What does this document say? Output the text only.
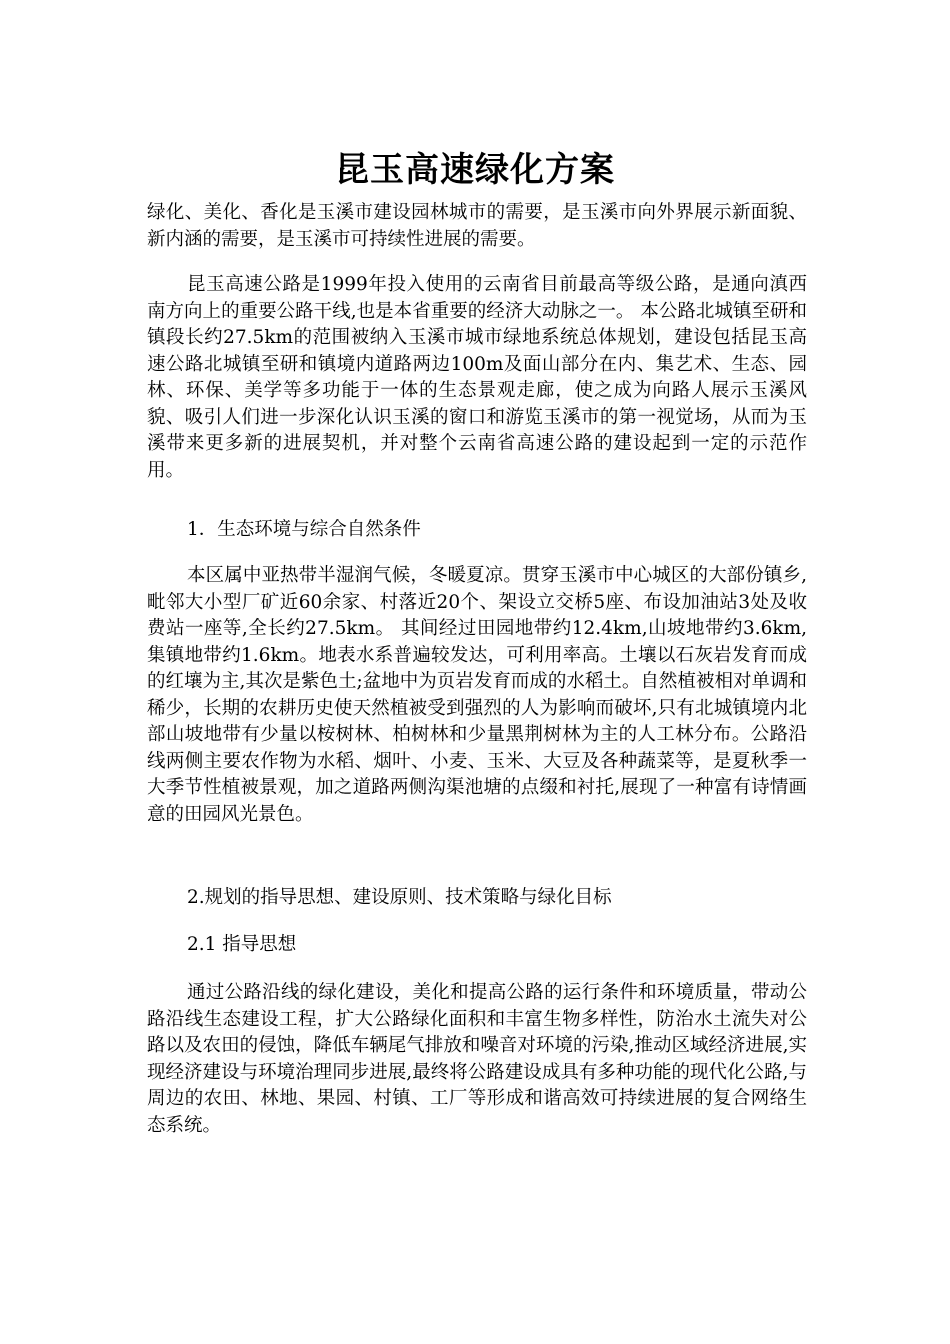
昆玉高速绿化方案

绿化、美化、香化是玉溪市建设园林城市的需要，是玉溪市向外界展示新面貌、新内涵的需要，是玉溪市可持续性进展的需要。

昆玉高速公路是1999年投入使用的云南省目前最高等级公路，是通向滇西南方向上的重要公路干线,也是本省重要的经济大动脉之一。 本公路北城镇至研和镇段长约27.5km的范围被纳入玉溪市城市绿地系统总体规划，建设包括昆玉高速公路北城镇至研和镇境内道路两边100m及面山部分在内、集艺术、生态、园林、环保、美学等多功能于一体的生态景观走廊，使之成为向路人展示玉溪风貌、吸引人们进一步深化认识玉溪的窗口和游览玉溪市的第一视觉场，从而为玉溪带来更多新的进展契机，并对整个云南省高速公路的建设起到一定的示范作用。

1．生态环境与综合自然条件

本区属中亚热带半湿润气候，冬暖夏凉。贯穿玉溪市中心城区的大部份镇乡,毗邻大小型厂矿近60余家、村落近20个、架设立交桥5座、布设加油站3处及收费站一座等,全长约27.5km。 其间经过田园地带约12.4km,山坡地带约3.6km,集镇地带约1.6km。地表水系普遍较发达，可利用率高。土壤以石灰岩发育而成的红壤为主,其次是紫色土;盆地中为页岩发育而成的水稻土。自然植被相对单调和稀少，长期的农耕历史使天然植被受到强烈的人为影响而破坏,只有北城镇境内北部山坡地带有少量以桉树林、柏树林和少量黑荆树林为主的人工林分布。公路沿线两侧主要农作物为水稻、烟叶、小麦、玉米、大豆及各种蔬菜等，是夏秋季一大季节性植被景观，加之道路两侧沟渠池塘的点缀和衬托,展现了一种富有诗情画意的田园风光景色。

2.规划的指导思想、建设原则、技术策略与绿化目标

2.1 指导思想

通过公路沿线的绿化建设，美化和提高公路的运行条件和环境质量，带动公路沿线生态建设工程，扩大公路绿化面积和丰富生物多样性，防治水土流失对公路以及农田的侵蚀，降低车辆尾气排放和噪音对环境的污染,推动区域经济进展,实现经济建设与环境治理同步进展,最终将公路建设成具有多种功能的现代化公路,与周边的农田、林地、果园、村镇、工厂等形成和谐高效可持续进展的复合网络生态系统。
